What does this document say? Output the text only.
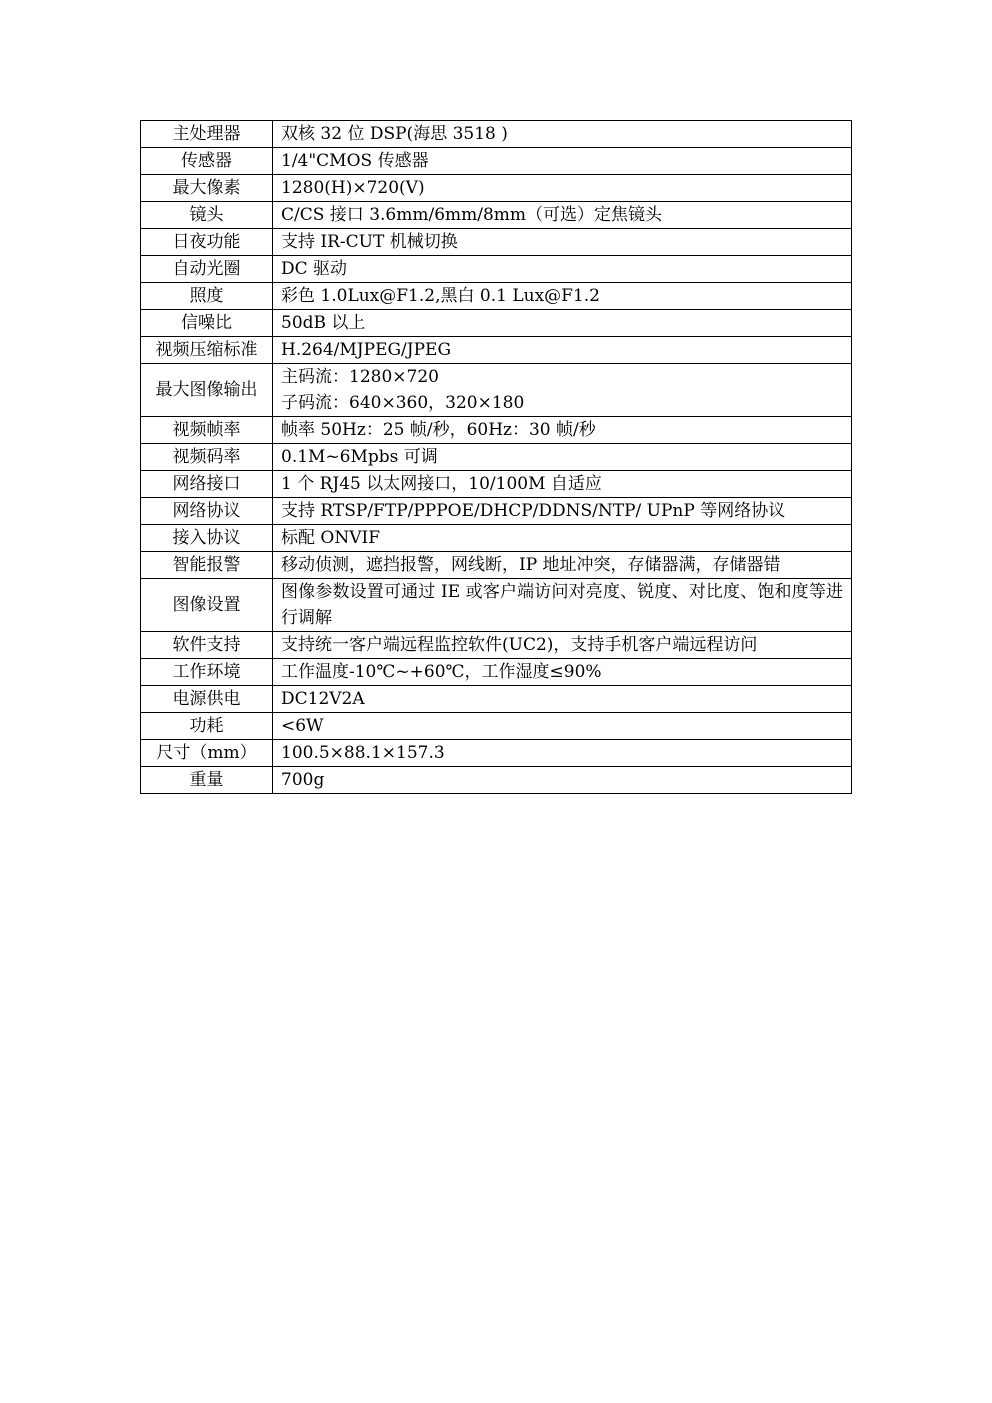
主处理器	双核 32 位 DSP(海思 3518 )

传感器	1/4"CMOS 传感器

最大像素	1280(H)×720(V)

镜头	C/CS 接口 3.6mm/6mm/8mm（可选）定焦镜头

日夜功能	支持 IR-CUT 机械切换

自动光圈	DC 驱动

照度	彩色 1.0Lux@F1.2,黑白 0.1 Lux@F1.2

信噪比	50dB 以上

视频压缩标准	H.264/MJPEG/JPEG

最大图像输出	主码流：1280×720
子码流：640×360，320×180

视频帧率	帧率 50Hz：25 帧/秒，60Hz：30 帧/秒

视频码率	0.1M~6Mpbs 可调

网络接口	1 个 RJ45 以太网接口，10/100M 自适应

网络协议	支持 RTSP/FTP/PPPOE/DHCP/DDNS/NTP/ UPnP 等网络协议

接入协议	标配 ONVIF

智能报警	移动侦测，遮挡报警，网线断，IP 地址冲突，存储器满，存储器错

图像设置	图像参数设置可通过 IE 或客户端访问对亮度、锐度、对比度、饱和度等进行调解

软件支持	支持统一客户端远程监控软件(UC2)，支持手机客户端远程访问

工作环境	工作温度-10℃~+60℃，工作湿度≤90%

电源供电	DC12V2A

功耗	<6W

尺寸（mm）	100.5×88.1×157.3

重量	700g
